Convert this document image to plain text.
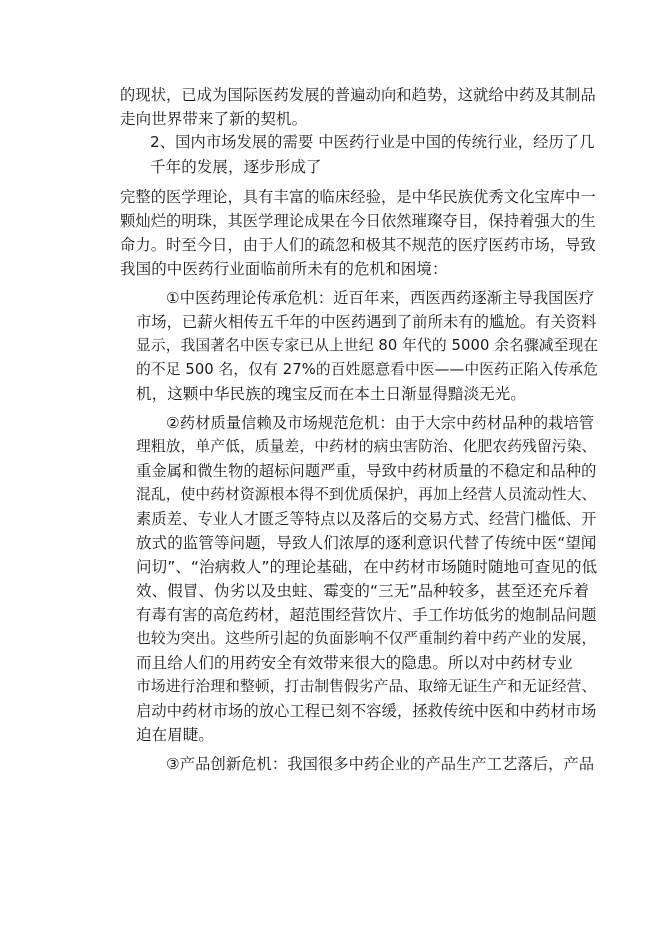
的现状，已成为国际医药发展的普遍动向和趋势，这就给中药及其制品
走向世界带来了新的契机。
2、国内市场发展的需要 中医药行业是中国的传统行业，经历了几
千年的发展，逐步形成了
完整的医学理论，具有丰富的临床经验，是中华民族优秀文化宝库中一
颗灿烂的明珠，其医学理论成果在今日依然璀璨夺目，保持着强大的生
命力。时至今日，由于人们的疏忽和极其不规范的医疗医药市场，导致
我国的中医药行业面临前所未有的危机和困境：
①中医药理论传承危机：近百年来，西医西药逐渐主导我国医疗
市场，已薪火相传五千年的中医药遇到了前所未有的尴尬。有关资料
显示，我国著名中医专家已从上世纪 80 年代的 5000 余名骤减至现在
的不足 500 名，仅有 27%的百姓愿意看中医——中医药正陷入传承危
机，这颗中华民族的瑰宝反而在本土日渐显得黯淡无光。
②药材质量信赖及市场规范危机：由于大宗中药材品种的栽培管
理粗放，单产低，质量差，中药材的病虫害防治、化肥农药残留污染、
重金属和微生物的超标问题严重，导致中药材质量的不稳定和品种的
混乱，使中药材资源根本得不到优质保护，再加上经营人员流动性大、
素质差、专业人才匮乏等特点以及落后的交易方式、经营门槛低、开
放式的监管等问题，导致人们浓厚的逐利意识代替了传统中医“望闻
问切”、“治病救人”的理论基础，在中药材市场随时随地可查见的低
效、假冒、伪劣以及虫蛀、霉变的“三无”品种较多，甚至还充斥着
有毒有害的高危药材，超范围经营饮片、手工作坊低劣的炮制品问题
也较为突出。这些所引起的负面影响不仅严重制约着中药产业的发展，
而且给人们的用药安全有效带来很大的隐患。所以对中药材专业
市场进行治理和整顿，打击制售假劣产品、取缔无证生产和无证经营、
启动中药材市场的放心工程已刻不容缓，拯救传统中医和中药材市场
迫在眉睫。
③产品创新危机：我国很多中药企业的产品生产工艺落后，产品
